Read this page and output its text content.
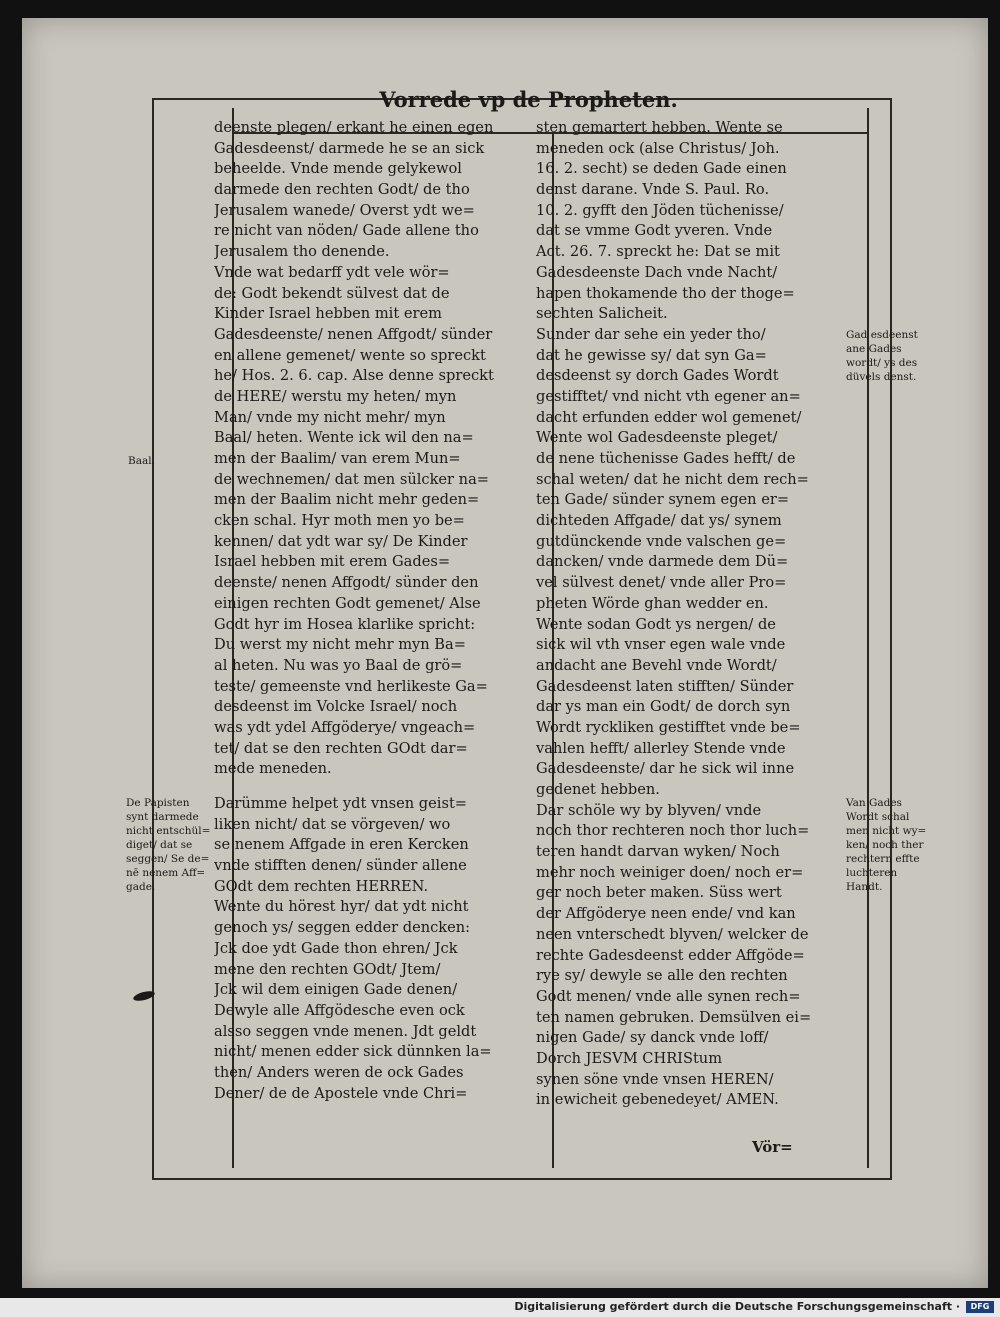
Vorrede vp de Propheten.
deenste plegen/ erkant he einen egen
Gadesdeenst/ darmede he se an sick
beheelde. Vnde mende gelykewol
darmede den rechten Godt/ de tho
Jerusalem wanede/ Overst ydt we=
re nicht van nöden/ Gade allene tho
Jerusalem tho denende.
Vnde wat bedarff ydt vele wör=
de: Godt bekendt sülvest dat de
Kinder Israel hebben mit erem
Gadesdeenste/ nenen Affgodt/ sünder
en allene gemenet/ wente so spreckt
he/ Hos. 2. 6. cap. Alse denne spreckt
de HERE/ werstu my heten/ myn
Man/ vnde my nicht mehr/ myn
Baal/ heten. Wente ick wil den na=
men der Baalim/ van erem Mun=
de wechnemen/ dat men sülcker na=
men der Baalim nicht mehr geden=
cken schal. Hyr moth men yo be=
kennen/ dat ydt war sy/ De Kinder
Israel hebben mit erem Gades=
deenste/ nenen Affgodt/ sünder den
einigen rechten Godt gemenet/ Alse
Godt hyr im Hosea klarlike spricht:
Du werst my nicht mehr myn Ba=
al heten. Nu was yo Baal de grö=
teste/ gemeenste vnd herlikeste Ga=
desdeenst im Volcke Israel/ noch
was ydt ydel Affgöderye/ vngeach=
tet/ dat se den rechten GOdt dar=
mede meneden.
Darümme helpet ydt vnsen geist=
liken nicht/ dat se vörgeven/ wo
se nenem Affgade in eren Kercken
vnde stifften denen/ sünder allene
GOdt dem rechten HERREN.
Wente du hörest hyr/ dat ydt nicht
genoch ys/ seggen edder dencken:
Jck doe ydt Gade thon ehren/ Jck
mene den rechten GOdt/ Jtem/
Jck wil dem einigen Gade denen/
Dewyle alle Affgödesche even ock
alsso seggen vnde menen. Jdt geldt
nicht/ menen edder sick dünnken la=
then/ Anders weren de ock Gades
Dener/ de de Apostele vnde Chri=
sten gemartert hebben. Wente se
meneden ock (alse Christus/ Joh.
16. 2. secht) se deden Gade einen
denst darane. Vnde S. Paul. Ro.
10. 2. gyfft den Jöden tüchenisse/
dat se vmme Godt yveren. Vnde
Act. 26. 7. spreckt he: Dat se mit
Gadesdeenste Dach vnde Nacht/
hapen thokamende tho der thoge=
sechten Salicheit.
Sunder dar sehe ein yeder tho/
dat he gewisse sy/ dat syn Ga=
desdeenst sy dorch Gades Wordt
gestifftet/ vnd nicht vth egener an=
dacht erfunden edder wol gemenet/
Wente wol Gadesdeenste pleget/
de nene tüchenisse Gades hefft/ de
schal weten/ dat he nicht dem rech=
ten Gade/ sünder synem egen er=
dichteden Affgade/ dat ys/ synem
gutdünckende vnde valschen ge=
dancken/ vnde darmede dem Dü=
vel sülvest denet/ vnde aller Pro=
pheten Wörde ghan wedder en.
Wente sodan Godt ys nergen/ de
sick wil vth vnser egen wale vnde
andacht ane Bevehl vnde Wordt/
Gadesdeenst laten stifften/ Sünder
dar ys man ein Godt/ de dorch syn
Wordt ryckliken gestifftet vnde be=
vahlen hefft/ allerley Stende vnde
Gadesdeenste/ dar he sick wil inne
gedenet hebben.
Dar schöle wy by blyven/ vnde
noch thor rechteren noch thor luch=
teren handt darvan wyken/ Noch
mehr noch weiniger doen/ noch er=
ger noch beter maken. Süss wert
der Affgöderye neen ende/ vnd kan
neen vnterschedt blyven/ welcker de
rechte Gadesdeenst edder Affgöde=
rye sy/ dewyle se alle den rechten
Godt menen/ vnde alle synen rech=
ten namen gebruken. Demsülven ei=
nigen Gade/ sy danck vnde loff/
Dorch JESVM CHRIStum
synen söne vnde vnsen HEREN/
in ewicheit gebenedeyet/ AMEN.
Baal.
De Papisten
synt darmede
nicht entschül=
diget/ dat se
seggen/ Se de=
nē nenem Aff=
gade.
Gad esdeenst
ane Gades
wordt/ ys des
düvels denst.
Van Gades
Wordt schal
men nicht wy=
ken/ noch ther
rechtern effte
luchteren
Handt.
Vör=
Digitalisierung gefördert durch die Deutsche Forschungsgemeinschaft ·	DFG
